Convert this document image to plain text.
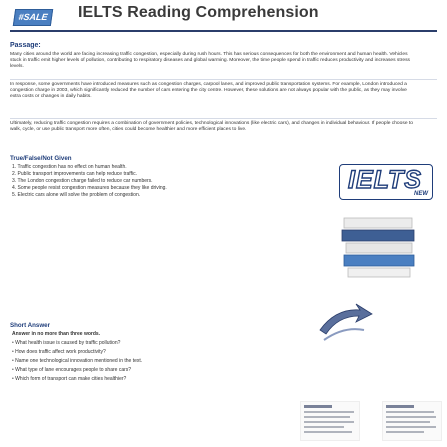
#SALE	IELTS Reading Comprehension
Passage:

Many cities around the world are facing increasing traffic congestion, especially during rush hours. This has serious consequences for both the environment and human health. Vehicles stuck in traffic emit higher levels of pollution, contributing to respiratory diseases and global warming. Moreover, the time people spend in traffic reduces productivity and increases stress levels.

In response, some governments have introduced measures such as congestion charges, carpool lanes, and improved public transportation systems. For example, London introduced a congestion charge in 2003, which significantly reduced the number of cars entering the city centre. However, these solutions are not always popular with the public, as they may involve extra costs or changes in daily habits.

Ultimately, reducing traffic congestion requires a combination of government policies, technological innovations (like electric cars), and changes in individual behaviour. If people choose to walk, cycle, or use public transport more often, cities could become healthier and more efficient places to live.

True/False/Not Given
1. Traffic congestion has no effect on human health.
2. Public transport improvements can help reduce traffic.
3. The London congestion charge failed to reduce car numbers.
4. Some people resist congestion measures because they like driving.
5. Electric cars alone will solve the problem of congestion.
IELTS
NEW
Short Answer
Answer in no more than three words.
• What health issue is caused by traffic pollution?
• How does traffic affect work productivity?
• Name one technological innovation mentioned in the text.
• What type of lane encourages people to share cars?
• Which form of transport can make cities healthier?
